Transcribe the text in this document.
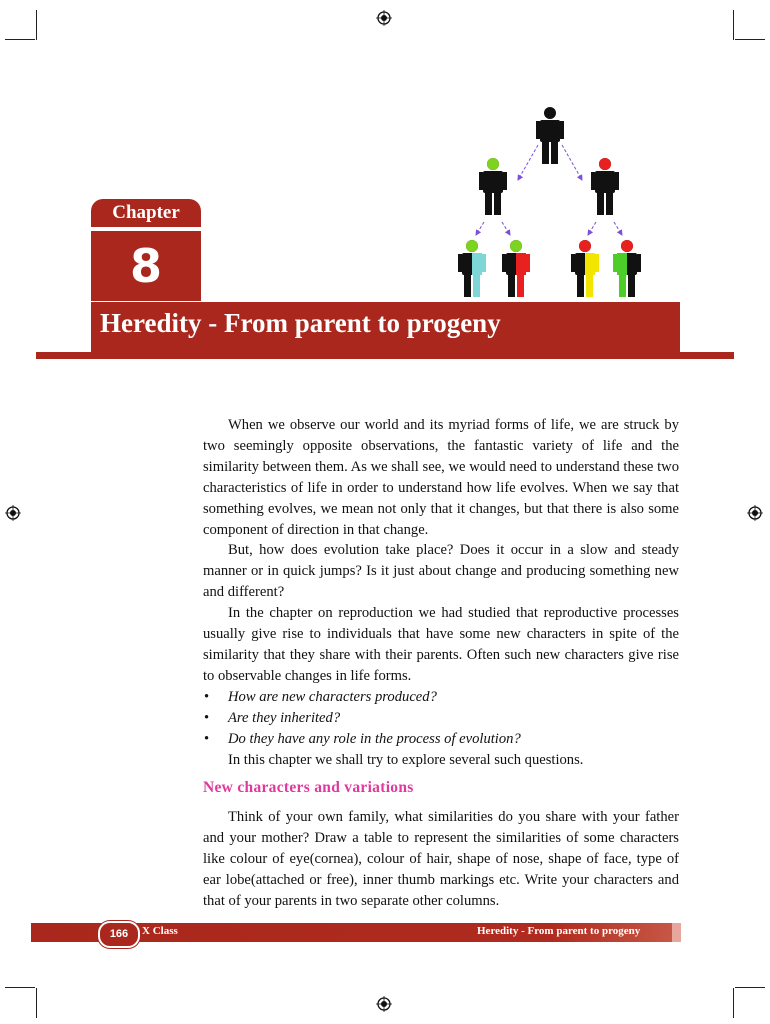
Chapter
8
Heredity - From parent to progeny

When we observe our world and its myriad forms of life, we are struck by two seemingly opposite observations, the fantastic variety of life and the similarity between them. As we shall see, we would need to understand these two characteristics of life in order to understand how life evolves. When we say that something evolves, we mean not only that it changes, but that there is also some component of direction in that change.

But, how does evolution take place? Does it occur in a slow and steady manner or in quick jumps? Is it just about change and producing something new and different?

In the chapter on reproduction we had studied that reproductive processes usually give rise to individuals that have some new characters in spite of the similarity that they share with their parents. Often such new characters give rise to observable changes in life forms.

• How are new characters produced?
• Are they inherited?
• Do they have any role in the process of evolution?

In this chapter we shall try to explore several such questions.

New characters and variations

Think of your own family, what similarities do you share with your father and your mother? Draw a table to represent the similarities of some characters like colour of eye(cornea), colour of hair, shape of nose, shape of face, type of ear lobe(attached or free), inner thumb markings etc. Write your characters and that of your parents in two separate other columns.

166	X Class	Heredity - From parent to progeny
